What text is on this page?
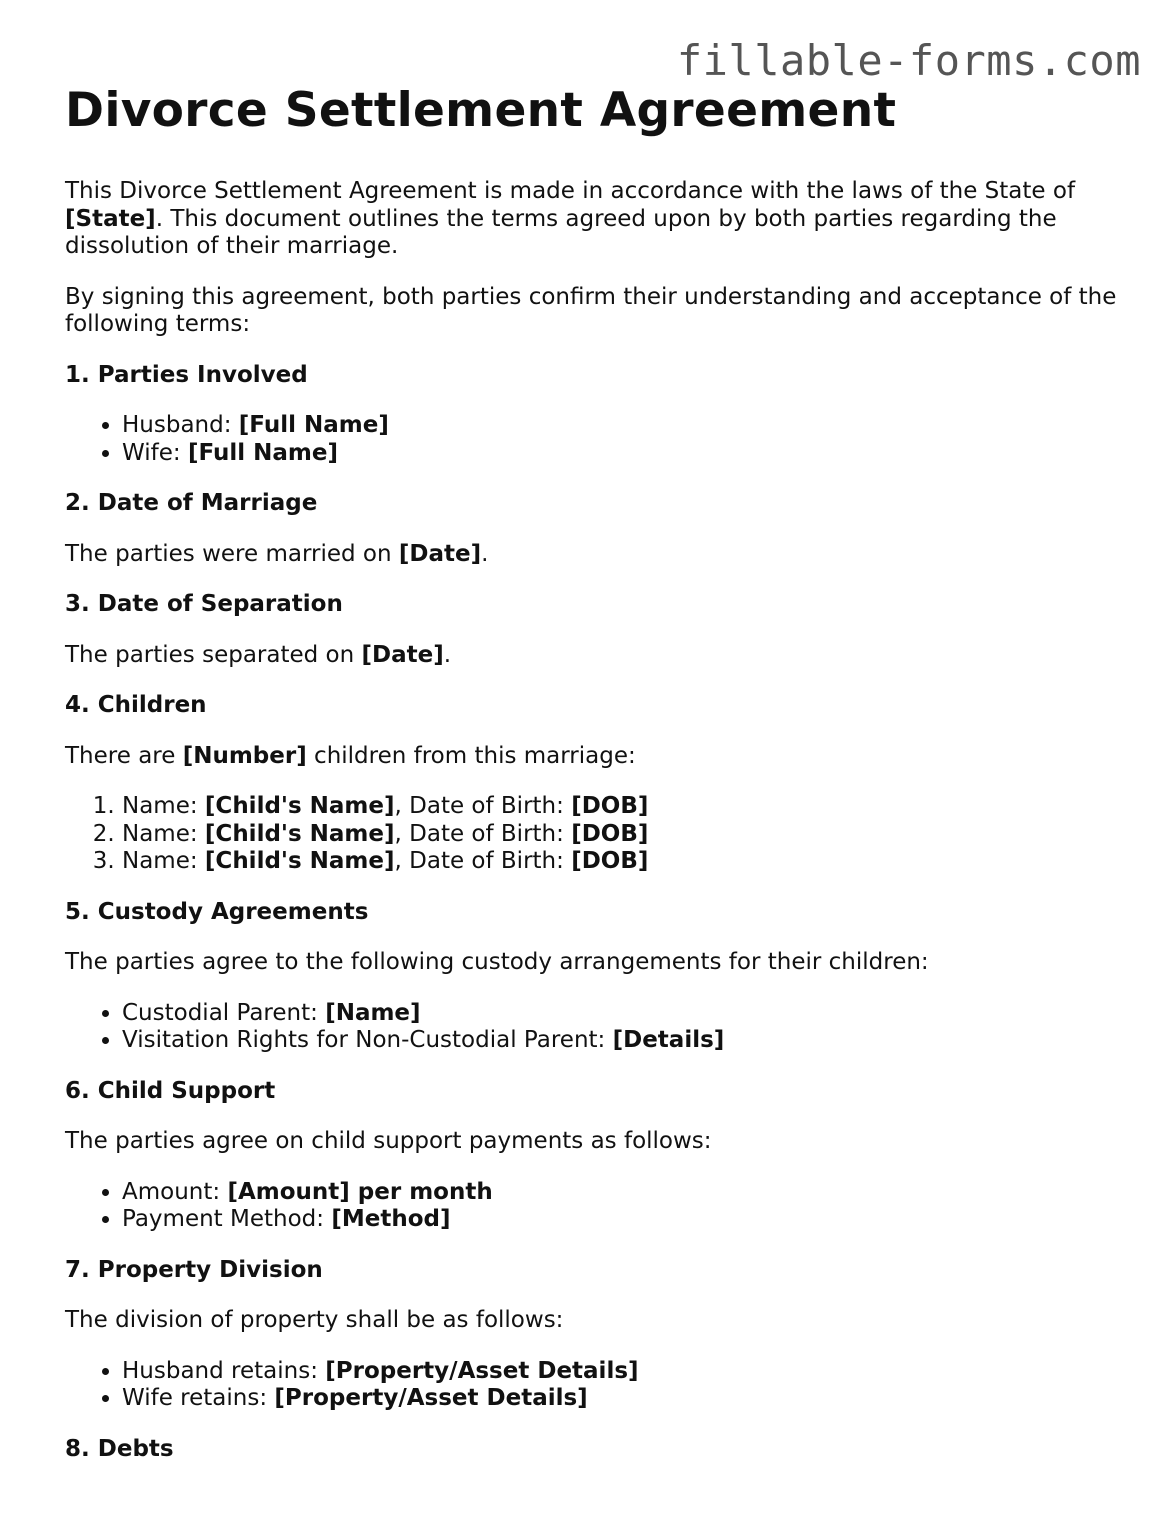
fillable-forms.com
Divorce Settlement Agreement

This Divorce Settlement Agreement is made in accordance with the laws of the State of [State]. This document outlines the terms agreed upon by both parties regarding the dissolution of their marriage.

By signing this agreement, both parties confirm their understanding and acceptance of the following terms:

1. Parties Involved
• Husband: [Full Name]
• Wife: [Full Name]
2. Date of Marriage

The parties were married on [Date].

3. Date of Separation

The parties separated on [Date].

4. Children

There are [Number] children from this marriage:

1. Name: [Child's Name], Date of Birth: [DOB]
2. Name: [Child's Name], Date of Birth: [DOB]
3. Name: [Child's Name], Date of Birth: [DOB]
5. Custody Agreements

The parties agree to the following custody arrangements for their children:

• Custodial Parent: [Name]
• Visitation Rights for Non-Custodial Parent: [Details]
6. Child Support

The parties agree on child support payments as follows:

• Amount: [Amount] per month
• Payment Method: [Method]
7. Property Division

The division of property shall be as follows:

• Husband retains: [Property/Asset Details]
• Wife retains: [Property/Asset Details]
8. Debts
